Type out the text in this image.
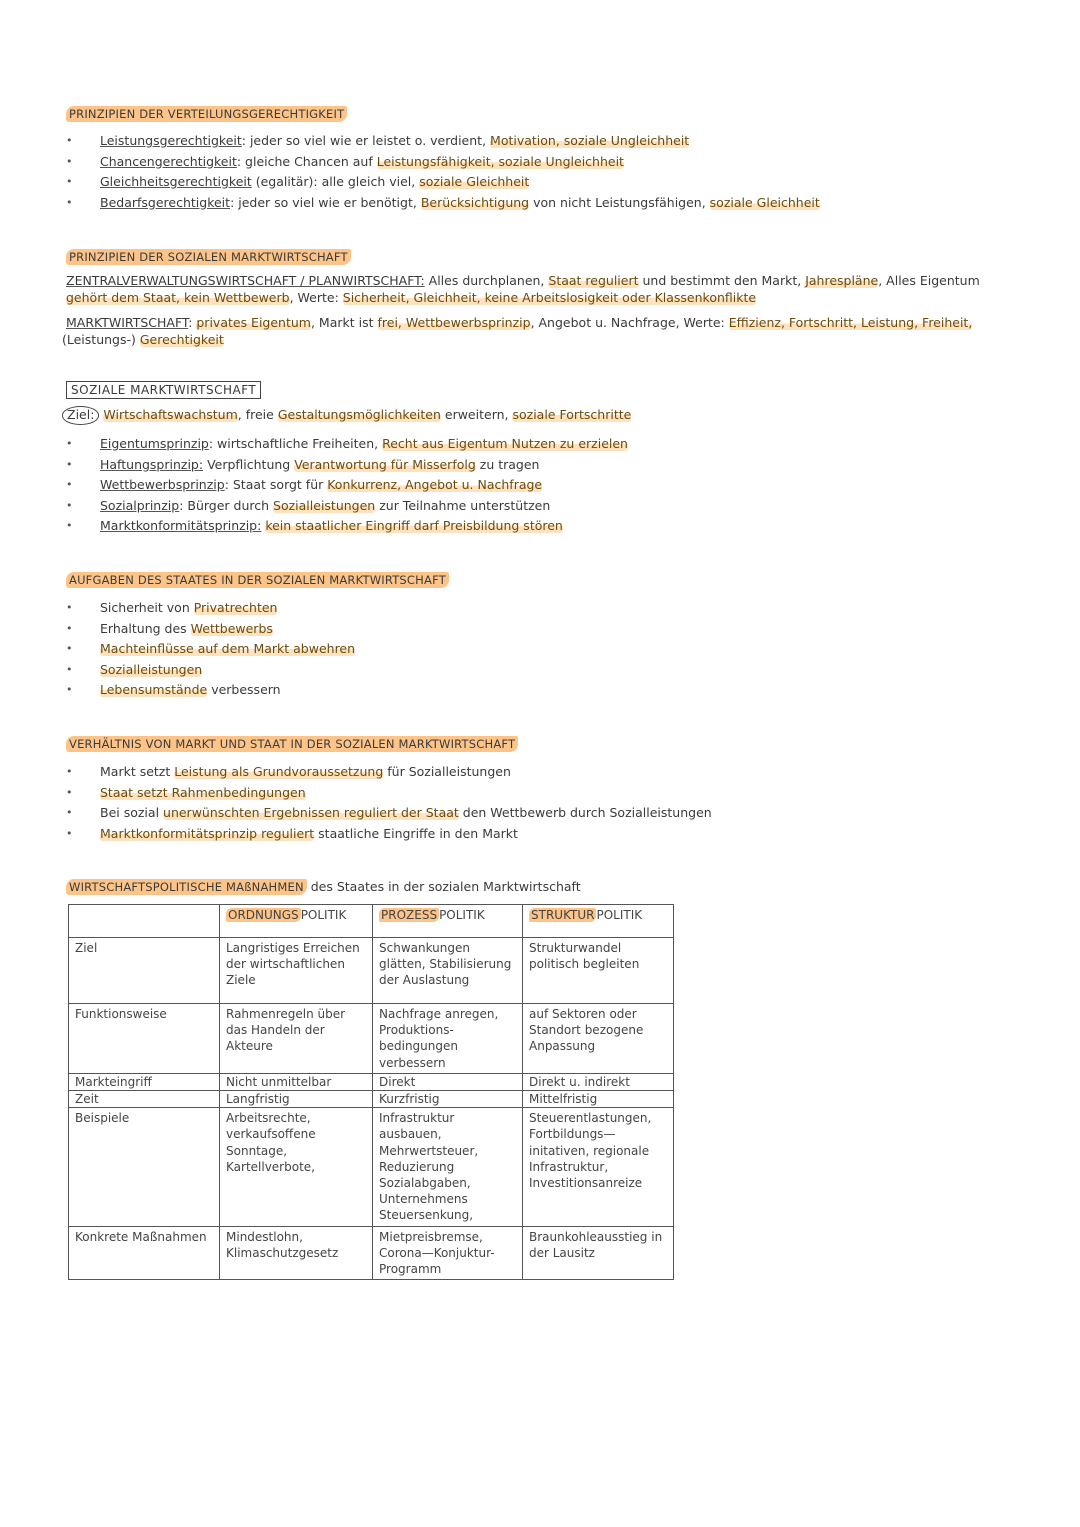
PRINZIPIEN DER VERTEILUNGSGERECHTIGKEIT
• Leistungsgerechtigkeit: jeder so viel wie er leistet o. verdient, Motivation, soziale Ungleichheit
• Chancengerechtigkeit: gleiche Chancen auf Leistungsfähigkeit, soziale Ungleichheit
• Gleichheitsgerechtigkeit (egalitär): alle gleich viel, soziale Gleichheit
• Bedarfsgerechtigkeit: jeder so viel wie er benötigt, Berücksichtigung von nicht Leistungsfähigen, soziale Gleichheit
PRINZIPIEN DER SOZIALEN MARKTWIRTSCHAFT
ZENTRALVERWALTUNGSWIRTSCHAFT / PLANWIRTSCHAFT: Alles durchplanen, Staat reguliert und bestimmt den Markt, Jahrespläne, Alles Eigentum gehört dem Staat, kein Wettbewerb, Werte: Sicherheit, Gleichheit, keine Arbeitslosigkeit oder Klassenkonflikte
MARKTWIRTSCHAFT: privates Eigentum, Markt ist frei, Wettbewerbsprinzip, Angebot u. Nachfrage, Werte: Effizienz, Fortschritt, Leistung, Freiheit,
(Leistungs-) Gerechtigkeit
SOZIALE MARKTWIRTSCHAFT
Ziel: Wirtschaftswachstum, freie Gestaltungsmöglichkeiten erweitern, soziale Fortschritte
• Eigentumsprinzip: wirtschaftliche Freiheiten, Recht aus Eigentum Nutzen zu erzielen
• Haftungsprinzip: Verpflichtung Verantwortung für Misserfolg zu tragen
• Wettbewerbsprinzip: Staat sorgt für Konkurrenz, Angebot u. Nachfrage
• Sozialprinzip: Bürger durch Sozialleistungen zur Teilnahme unterstützen
• Marktkonformitätsprinzip: kein staatlicher Eingriff darf Preisbildung stören
AUFGABEN DES STAATES IN DER SOZIALEN MARKTWIRTSCHAFT
• Sicherheit von Privatrechten
• Erhaltung des Wettbewerbs
• Machteinflüsse auf dem Markt abwehren
• Sozialleistungen
• Lebensumstände verbessern
VERHÄLTNIS VON MARKT UND STAAT IN DER SOZIALEN MARKTWIRTSCHAFT
• Markt setzt Leistung als Grundvoraussetzung für Sozialleistungen
• Staat setzt Rahmenbedingungen
• Bei sozial unerwünschten Ergebnissen reguliert der Staat den Wettbewerb durch Sozialleistungen
• Marktkonformitätsprinzip reguliert staatliche Eingriffe in den Markt
WIRTSCHAFTSPOLITISCHE MAßNAHMEN des Staates in der sozialen Marktwirtschaft
	ORDNUNGS POLITIK	PROZESS POLITIK	STRUKTUR POLITIK
Ziel	Langristiges Erreichen der wirtschaftlichen Ziele	Schwankungen glätten, Stabilisierung der Auslastung	Strukturwandel politisch begleiten
Funktionsweise	Rahmenregeln über das Handeln der Akteure	Nachfrage anregen, Produktions-bedingungen verbessern	auf Sektoren oder Standort bezogene Anpassung
Markteingriff	Nicht unmittelbar	Direkt	Direkt u. indirekt
Zeit	Langfristig	Kurzfristig	Mittelfristig
Beispiele	Arbeitsrechte, verkaufsoffene Sonntage, Kartellverbote,	Infrastruktur ausbauen, Mehrwertsteuer, Reduzierung Sozialabgaben, Unternehmens Steuersenkung,	Steuerentlastungen, Fortbildungs— initativen, regionale Infrastruktur, Investitionsanreize
Konkrete Maßnahmen	Mindestlohn, Klimaschutzgesetz	Mietpreisbremse, Corona—Konjuktur-Programm	Braunkohleausstieg in der Lausitz
